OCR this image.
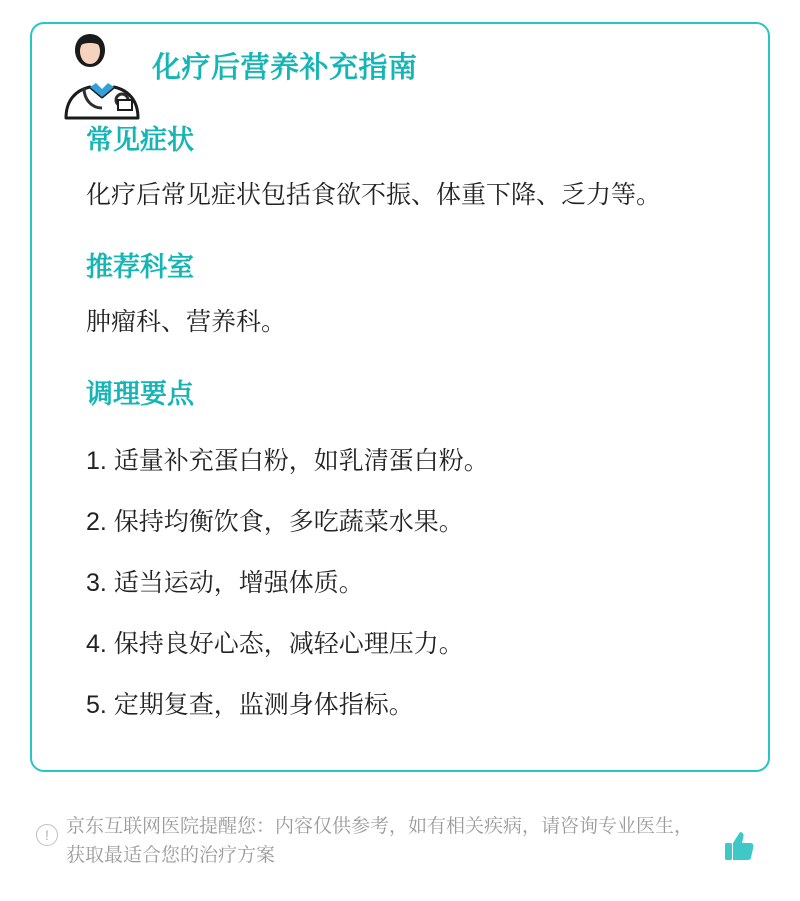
化疗后营养补充指南
常见症状

化疗后常见症状包括食欲不振、体重下降、乏力等。

推荐科室

肿瘤科、营养科。

调理要点
1. 适量补充蛋白粉，如乳清蛋白粉。
2. 保持均衡饮食，多吃蔬菜水果。
3. 适当运动，增强体质。
4. 保持良好心态，减轻心理压力。
5. 定期复查，监测身体指标。
! 京东互联网医院提醒您：内容仅供参考，如有相关疾病，请咨询专业医生，获取最适合您的治疗方案
